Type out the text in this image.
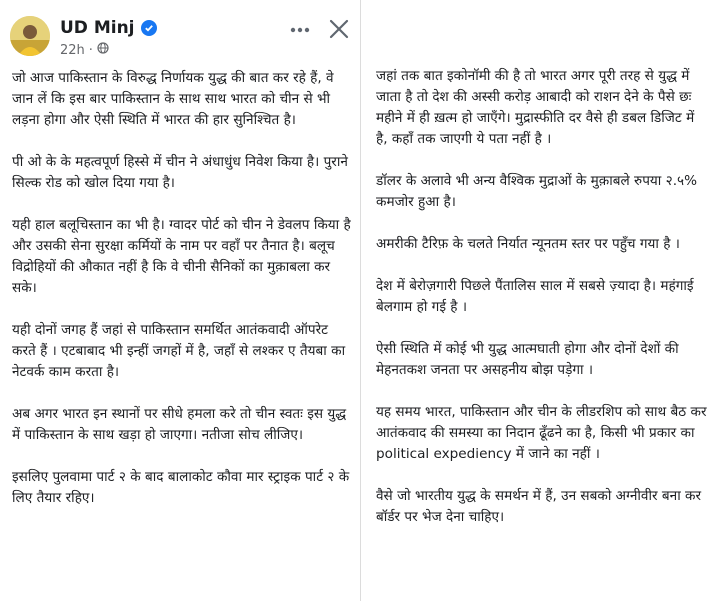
UD Minj
22h ·

जो आज पाकिस्तान के विरुद्ध निर्णायक युद्ध की बात कर रहे हैं, वे जान लें कि इस बार पाकिस्तान के साथ साथ भारत को चीन से भी लड़ना होगा और ऐसी स्थिति में भारत की हार सुनिश्चित है।

पी ओ के के महत्वपूर्ण हिस्से में चीन ने अंधाधुंध निवेश किया है। पुराने सिल्क रोड को खोल दिया गया है।

यही हाल बलूचिस्तान का भी है। ग्वादर पोर्ट को चीन ने डेवलप किया है और उसकी सेना सुरक्षा कर्मियों के नाम पर वहाँ पर तैनात है। बलूच विद्रोहियों की औकात नहीं है कि वे चीनी सैनिकों का मुक़ाबला कर सके।

यही दोनों जगह हैं जहां से पाकिस्तान समर्थित आतंकवादी ऑपरेट करते हैं । एटबाबाद भी इन्हीं जगहों में है, जहाँ से लश्कर ए तैयबा का नेटवर्क काम करता है।

अब अगर भारत इन स्थानों पर सीधे हमला करे तो चीन स्वतः इस युद्ध में पाकिस्तान के साथ खड़ा हो जाएगा। नतीजा सोच लीजिए।

इसलिए पुलवामा पार्ट २ के बाद बालाकोट कौवा मार स्ट्राइक पार्ट २ के लिए तैयार रहिए।

जहां तक बात इकोनॉमी की है तो भारत अगर पूरी तरह से युद्ध में जाता है तो देश की अस्सी करोड़ आबादी को राशन देने के पैसे छः महीने में ही ख़त्म हो जाएँगे। मुद्रास्फीति दर वैसे ही डबल डिजिट में है, कहाँ तक जाएगी ये पता नहीं है ।

डॉलर के अलावे भी अन्य वैश्विक मुद्राओं के मुक़ाबले रुपया २.५% कमजोर हुआ है।

अमरीकी टैरिफ़ के चलते निर्यात न्यूनतम स्तर पर पहुँच गया है ।

देश में बेरोज़गारी पिछले पैंतालिस साल में सबसे ज़्यादा है। महंगाई बेलगाम हो गई है ।

ऐसी स्थिति में कोई भी युद्ध आत्मघाती होगा और दोनों देशों की मेहनतकश जनता पर असहनीय बोझ पड़ेगा ।

यह समय भारत, पाकिस्तान और चीन के लीडरशिप को साथ बैठ कर आतंकवाद की समस्या का निदान ढूँढने का है, किसी भी प्रकार का political expediency में जाने का नहीं ।

वैसे जो भारतीय युद्ध के समर्थन में हैं, उन सबको अग्नीवीर बना कर बॉर्डर पर भेज देना चाहिए।
